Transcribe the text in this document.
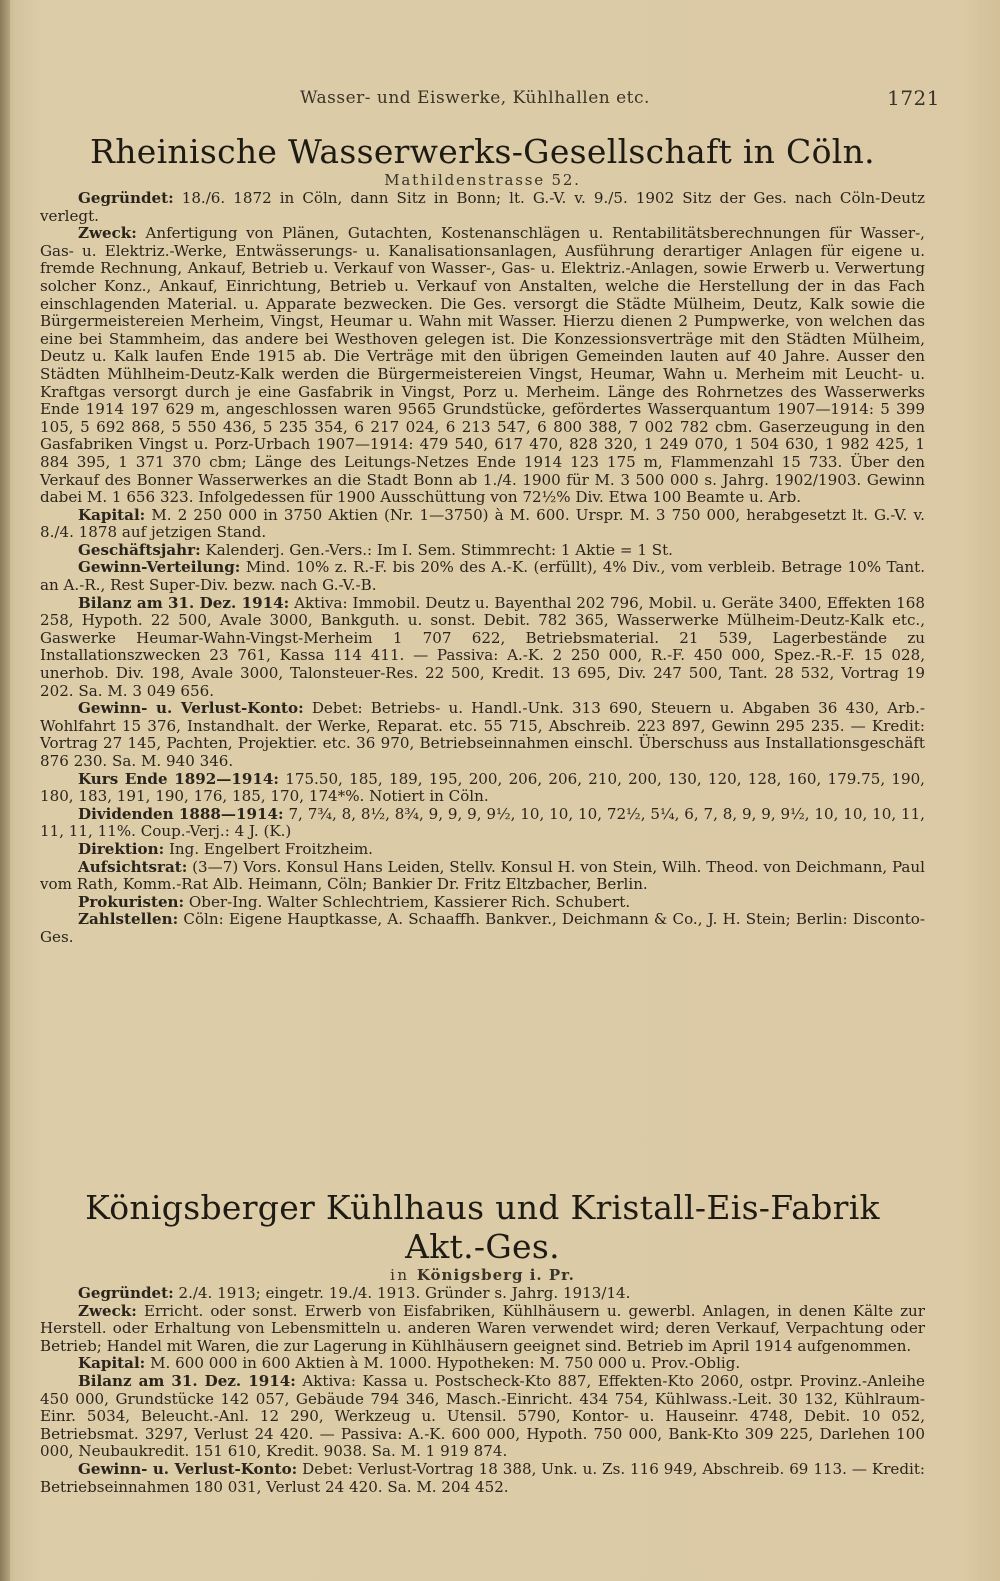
Wasser- und Eiswerke, Kühlhallen etc.	1721
Rheinische Wasserwerks-Gesellschaft in Cöln.
Mathildenstrasse 52.

Gegründet: 18./6. 1872 in Cöln, dann Sitz in Bonn; lt. G.-V. v. 9./5. 1902 Sitz der Ges. nach Cöln-Deutz verlegt.

Zweck: Anfertigung von Plänen, Gutachten, Kostenanschlägen u. Rentabilitätsberechnungen für Wasser-, Gas- u. Elektriz.-Werke, Entwässerungs- u. Kanalisationsanlagen, Ausführung derartiger Anlagen für eigene u. fremde Rechnung, Ankauf, Betrieb u. Verkauf von Wasser-, Gas- u. Elektriz.-Anlagen, sowie Erwerb u. Verwertung solcher Konz., Ankauf, Einrichtung, Betrieb u. Verkauf von Anstalten, welche die Herstellung der in das Fach einschlagenden Material. u. Apparate bezwecken. Die Ges. versorgt die Städte Mülheim, Deutz, Kalk sowie die Bürgermeistereien Merheim, Vingst, Heumar u. Wahn mit Wasser. Hierzu dienen 2 Pumpwerke, von welchen das eine bei Stammheim, das andere bei Westhoven gelegen ist. Die Konzessionsverträge mit den Städten Mülheim, Deutz u. Kalk laufen Ende 1915 ab. Die Verträge mit den übrigen Gemeinden lauten auf 40 Jahre. Ausser den Städten Mühlheim-Deutz-Kalk werden die Bürgermeistereien Vingst, Heumar, Wahn u. Merheim mit Leucht- u. Kraftgas versorgt durch je eine Gasfabrik in Vingst, Porz u. Merheim. Länge des Rohrnetzes des Wasserwerks Ende 1914 197 629 m, angeschlossen waren 9565 Grundstücke, gefördertes Wasserquantum 1907—1914: 5 399 105, 5 692 868, 5 550 436, 5 235 354, 6 217 024, 6 213 547, 6 800 388, 7 002 782 cbm. Gaserzeugung in den Gasfabriken Vingst u. Porz-Urbach 1907—1914: 479 540, 617 470, 828 320, 1 249 070, 1 504 630, 1 982 425, 1 884 395, 1 371 370 cbm; Länge des Leitungs-Netzes Ende 1914 123 175 m, Flammenzahl 15 733. Über den Verkauf des Bonner Wasserwerkes an die Stadt Bonn ab 1./4. 1900 für M. 3 500 000 s. Jahrg. 1902/1903. Gewinn dabei M. 1 656 323. Infolgedessen für 1900 Ausschüttung von 72½% Div. Etwa 100 Beamte u. Arb.

Kapital: M. 2 250 000 in 3750 Aktien (Nr. 1—3750) à M. 600. Urspr. M. 3 750 000, herabgesetzt lt. G.-V. v. 8./4. 1878 auf jetzigen Stand.

Geschäftsjahr: Kalenderj. Gen.-Vers.: Im I. Sem. Stimmrecht: 1 Aktie = 1 St.

Gewinn-Verteilung: Mind. 10% z. R.-F. bis 20% des A.-K. (erfüllt), 4% Div., vom verbleib. Betrage 10% Tant. an A.-R., Rest Super-Div. bezw. nach G.-V.-B.

Bilanz am 31. Dez. 1914: Aktiva: Immobil. Deutz u. Bayenthal 202 796, Mobil. u. Geräte 3400, Effekten 168 258, Hypoth. 22 500, Avale 3000, Bankguth. u. sonst. Debit. 782 365, Wasserwerke Mülheim-Deutz-Kalk etc., Gaswerke Heumar-Wahn-Vingst-Merheim 1 707 622, Betriebsmaterial. 21 539, Lagerbestände zu Installationszwecken 23 761, Kassa 114 411. — Passiva: A.-K. 2 250 000, R.-F. 450 000, Spez.-R.-F. 15 028, unerhob. Div. 198, Avale 3000, Talonsteuer-Res. 22 500, Kredit. 13 695, Div. 247 500, Tant. 28 532, Vortrag 19 202. Sa. M. 3 049 656.

Gewinn- u. Verlust-Konto: Debet: Betriebs- u. Handl.-Unk. 313 690, Steuern u. Abgaben 36 430, Arb.-Wohlfahrt 15 376, Instandhalt. der Werke, Reparat. etc. 55 715, Abschreib. 223 897, Gewinn 295 235. — Kredit: Vortrag 27 145, Pachten, Projektier. etc. 36 970, Betriebseinnahmen einschl. Überschuss aus Installationsgeschäft 876 230. Sa. M. 940 346.

Kurs Ende 1892—1914: 175.50, 185, 189, 195, 200, 206, 206, 210, 200, 130, 120, 128, 160, 179.75, 190, 180, 183, 191, 190, 176, 185, 170, 174*%. Notiert in Cöln.

Dividenden 1888—1914: 7, 7¾, 8, 8½, 8¾, 9, 9, 9, 9½, 10, 10, 10, 72½, 5¼, 6, 7, 8, 9, 9, 9½, 10, 10, 10, 11, 11, 11, 11%. Coup.-Verj.: 4 J. (K.)

Direktion: Ing. Engelbert Froitzheim.

Aufsichtsrat: (3—7) Vors. Konsul Hans Leiden, Stellv. Konsul H. von Stein, Wilh. Theod. von Deichmann, Paul vom Rath, Komm.-Rat Alb. Heimann, Cöln; Bankier Dr. Fritz Eltzbacher, Berlin.

Prokuristen: Ober-Ing. Walter Schlechtriem, Kassierer Rich. Schubert.

Zahlstellen: Cöln: Eigene Hauptkasse, A. Schaaffh. Bankver., Deichmann & Co., J. H. Stein; Berlin: Disconto-Ges.

Königsberger Kühlhaus und Kristall-Eis-Fabrik Akt.-Ges.
in Königsberg i. Pr.

Gegründet: 2./4. 1913; eingetr. 19./4. 1913. Gründer s. Jahrg. 1913/14.

Zweck: Erricht. oder sonst. Erwerb von Eisfabriken, Kühlhäusern u. gewerbl. Anlagen, in denen Kälte zur Herstell. oder Erhaltung von Lebensmitteln u. anderen Waren verwendet wird; deren Verkauf, Verpachtung oder Betrieb; Handel mit Waren, die zur Lagerung in Kühlhäusern geeignet sind. Betrieb im April 1914 aufgenommen.

Kapital: M. 600 000 in 600 Aktien à M. 1000. Hypotheken: M. 750 000 u. Prov.-Oblig.

Bilanz am 31. Dez. 1914: Aktiva: Kassa u. Postscheck-Kto 887, Effekten-Kto 2060, ostpr. Provinz.-Anleihe 450 000, Grundstücke 142 057, Gebäude 794 346, Masch.-Einricht. 434 754, Kühlwass.-Leit. 30 132, Kühlraum-Einr. 5034, Beleucht.-Anl. 12 290, Werkzeug u. Utensil. 5790, Kontor- u. Hauseinr. 4748, Debit. 10 052, Betriebsmat. 3297, Verlust 24 420. — Passiva: A.-K. 600 000, Hypoth. 750 000, Bank-Kto 309 225, Darlehen 100 000, Neubaukredit. 151 610, Kredit. 9038. Sa. M. 1 919 874.

Gewinn- u. Verlust-Konto: Debet: Verlust-Vortrag 18 388, Unk. u. Zs. 116 949, Abschreib. 69 113. — Kredit: Betriebseinnahmen 180 031, Verlust 24 420. Sa. M. 204 452.
